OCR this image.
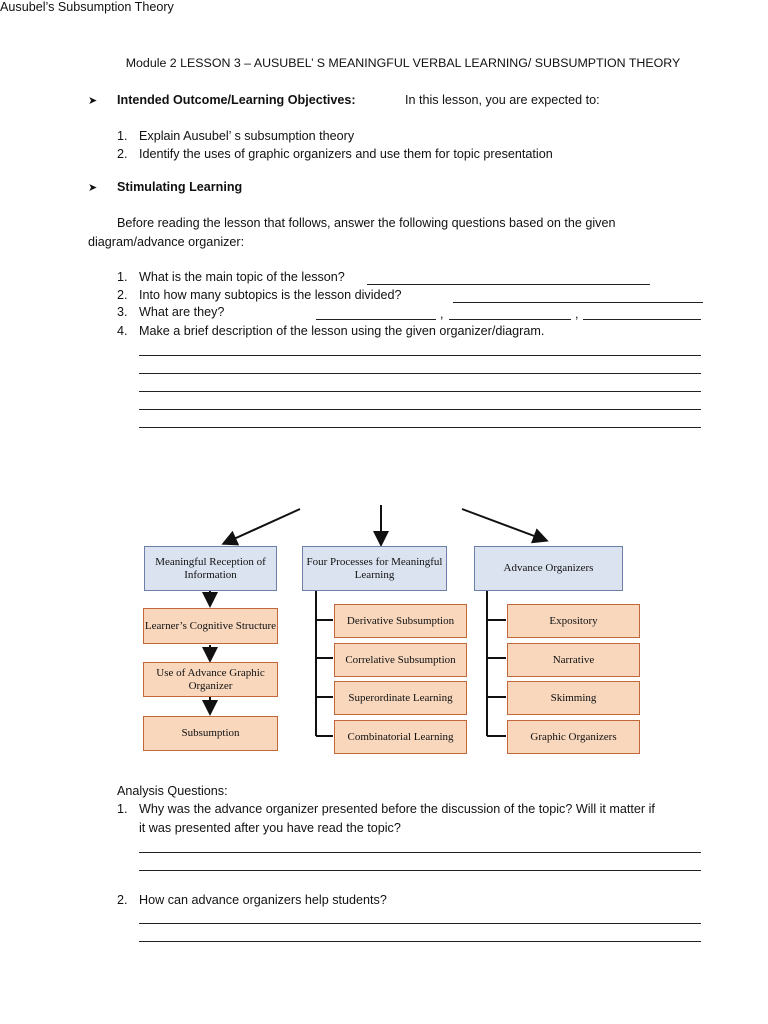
Module 2 LESSON 3 – AUSUBEL’ S MEANINGFUL VERBAL LEARNING/ SUBSUMPTION THEORY
➤ Intended Outcome/Learning Objectives:	In this lesson, you are expected to:
1. Explain Ausubel’ s subsumption theory
2. Identify the uses of graphic organizers and use them for topic presentation
➤ Stimulating Learning
Before reading the lesson that follows, answer the following questions based on the given
diagram/advance organizer:
1. What is the main topic of the lesson?
2. Into how many subtopics is the lesson divided?
3. What are they?	,	,
4. Make a brief description of the lesson using the given organizer/diagram.
Ausubel’s Subsumption Theory
Meaningful Reception of Information
Learner’s Cognitive Structure
Use of Advance Graphic Organizer
Subsumption
Four Processes for Meaningful Learning
Derivative Subsumption
Correlative Subsumption
Superordinate Learning
Combinatorial Learning
Advance Organizers
Expository
Narrative
Skimming
Graphic Organizers
Analysis Questions:
1. Why was the advance organizer presented before the discussion of the topic? Will it matter if
it was presented after you have read the topic?
2. How can advance organizers help students?
